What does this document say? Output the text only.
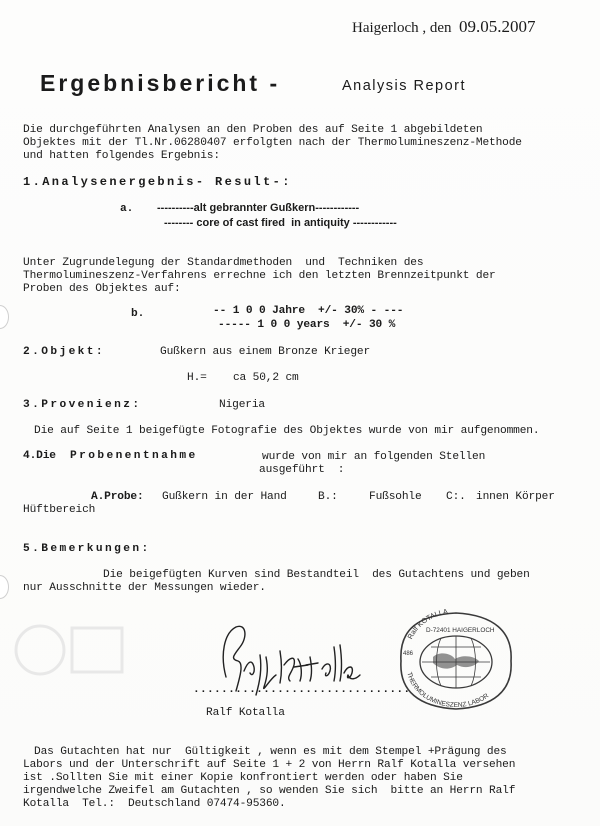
Haigerloch , den 09.05.2007
Ergebnisbericht -	Analysis Report
Die durchgeführten Analysen an den Proben des auf Seite 1 abgebildeten
Objektes mit der Tl.Nr.06280407 erfolgten nach der Thermolumineszenz-Methode
und hatten folgendes Ergebnis:
1.Analysenergebnis- Result-:
a. ----------alt gebrannter Gußkern------------
-------- core of cast fired  in antiquity ------------
Unter Zugrundelegung der Standardmethoden  und  Techniken des
Thermolumineszenz-Verfahrens errechne ich den letzten Brennzeitpunkt der
Proben des Objektes auf:
b.	-- 1 0 0 Jahre  +/- 30% - ---
----- 1 0 0 years  +/- 30 %
2.Objekt:	Gußkern aus einem Bronze Krieger
H.=    ca 50,2 cm
3.Provenienz:	Nigeria
Die auf Seite 1 beigefügte Fotografie des Objektes wurde von mir aufgenommen.
4.Die Probenentnahme	wurde von mir an folgenden Stellen
ausgeführt  :
A.Probe: Gußkern in der Hand	B.:	Fußsohle C:. innen Körper
Hüftbereich
5.Bemerkungen:
Die beigefügten Kurven sind Bestandteil  des Gutachtens und geben
nur Ausschnitte der Messungen wieder.
Ralf KOTALLA
D-72401 HAIGERLOCH
THERMOLUMINESZENZ LABOR
486
...............................
Ralf Kotalla
Das Gutachten hat nur  Gültigkeit , wenn es mit dem Stempel +Prägung des
Labors und der Unterschrift auf Seite 1 + 2 von Herrn Ralf Kotalla versehen
ist .Sollten Sie mit einer Kopie konfrontiert werden oder haben Sie
irgendwelche Zweifel am Gutachten , so wenden Sie sich  bitte an Herrn Ralf
Kotalla  Tel.:  Deutschland 07474-95360.
